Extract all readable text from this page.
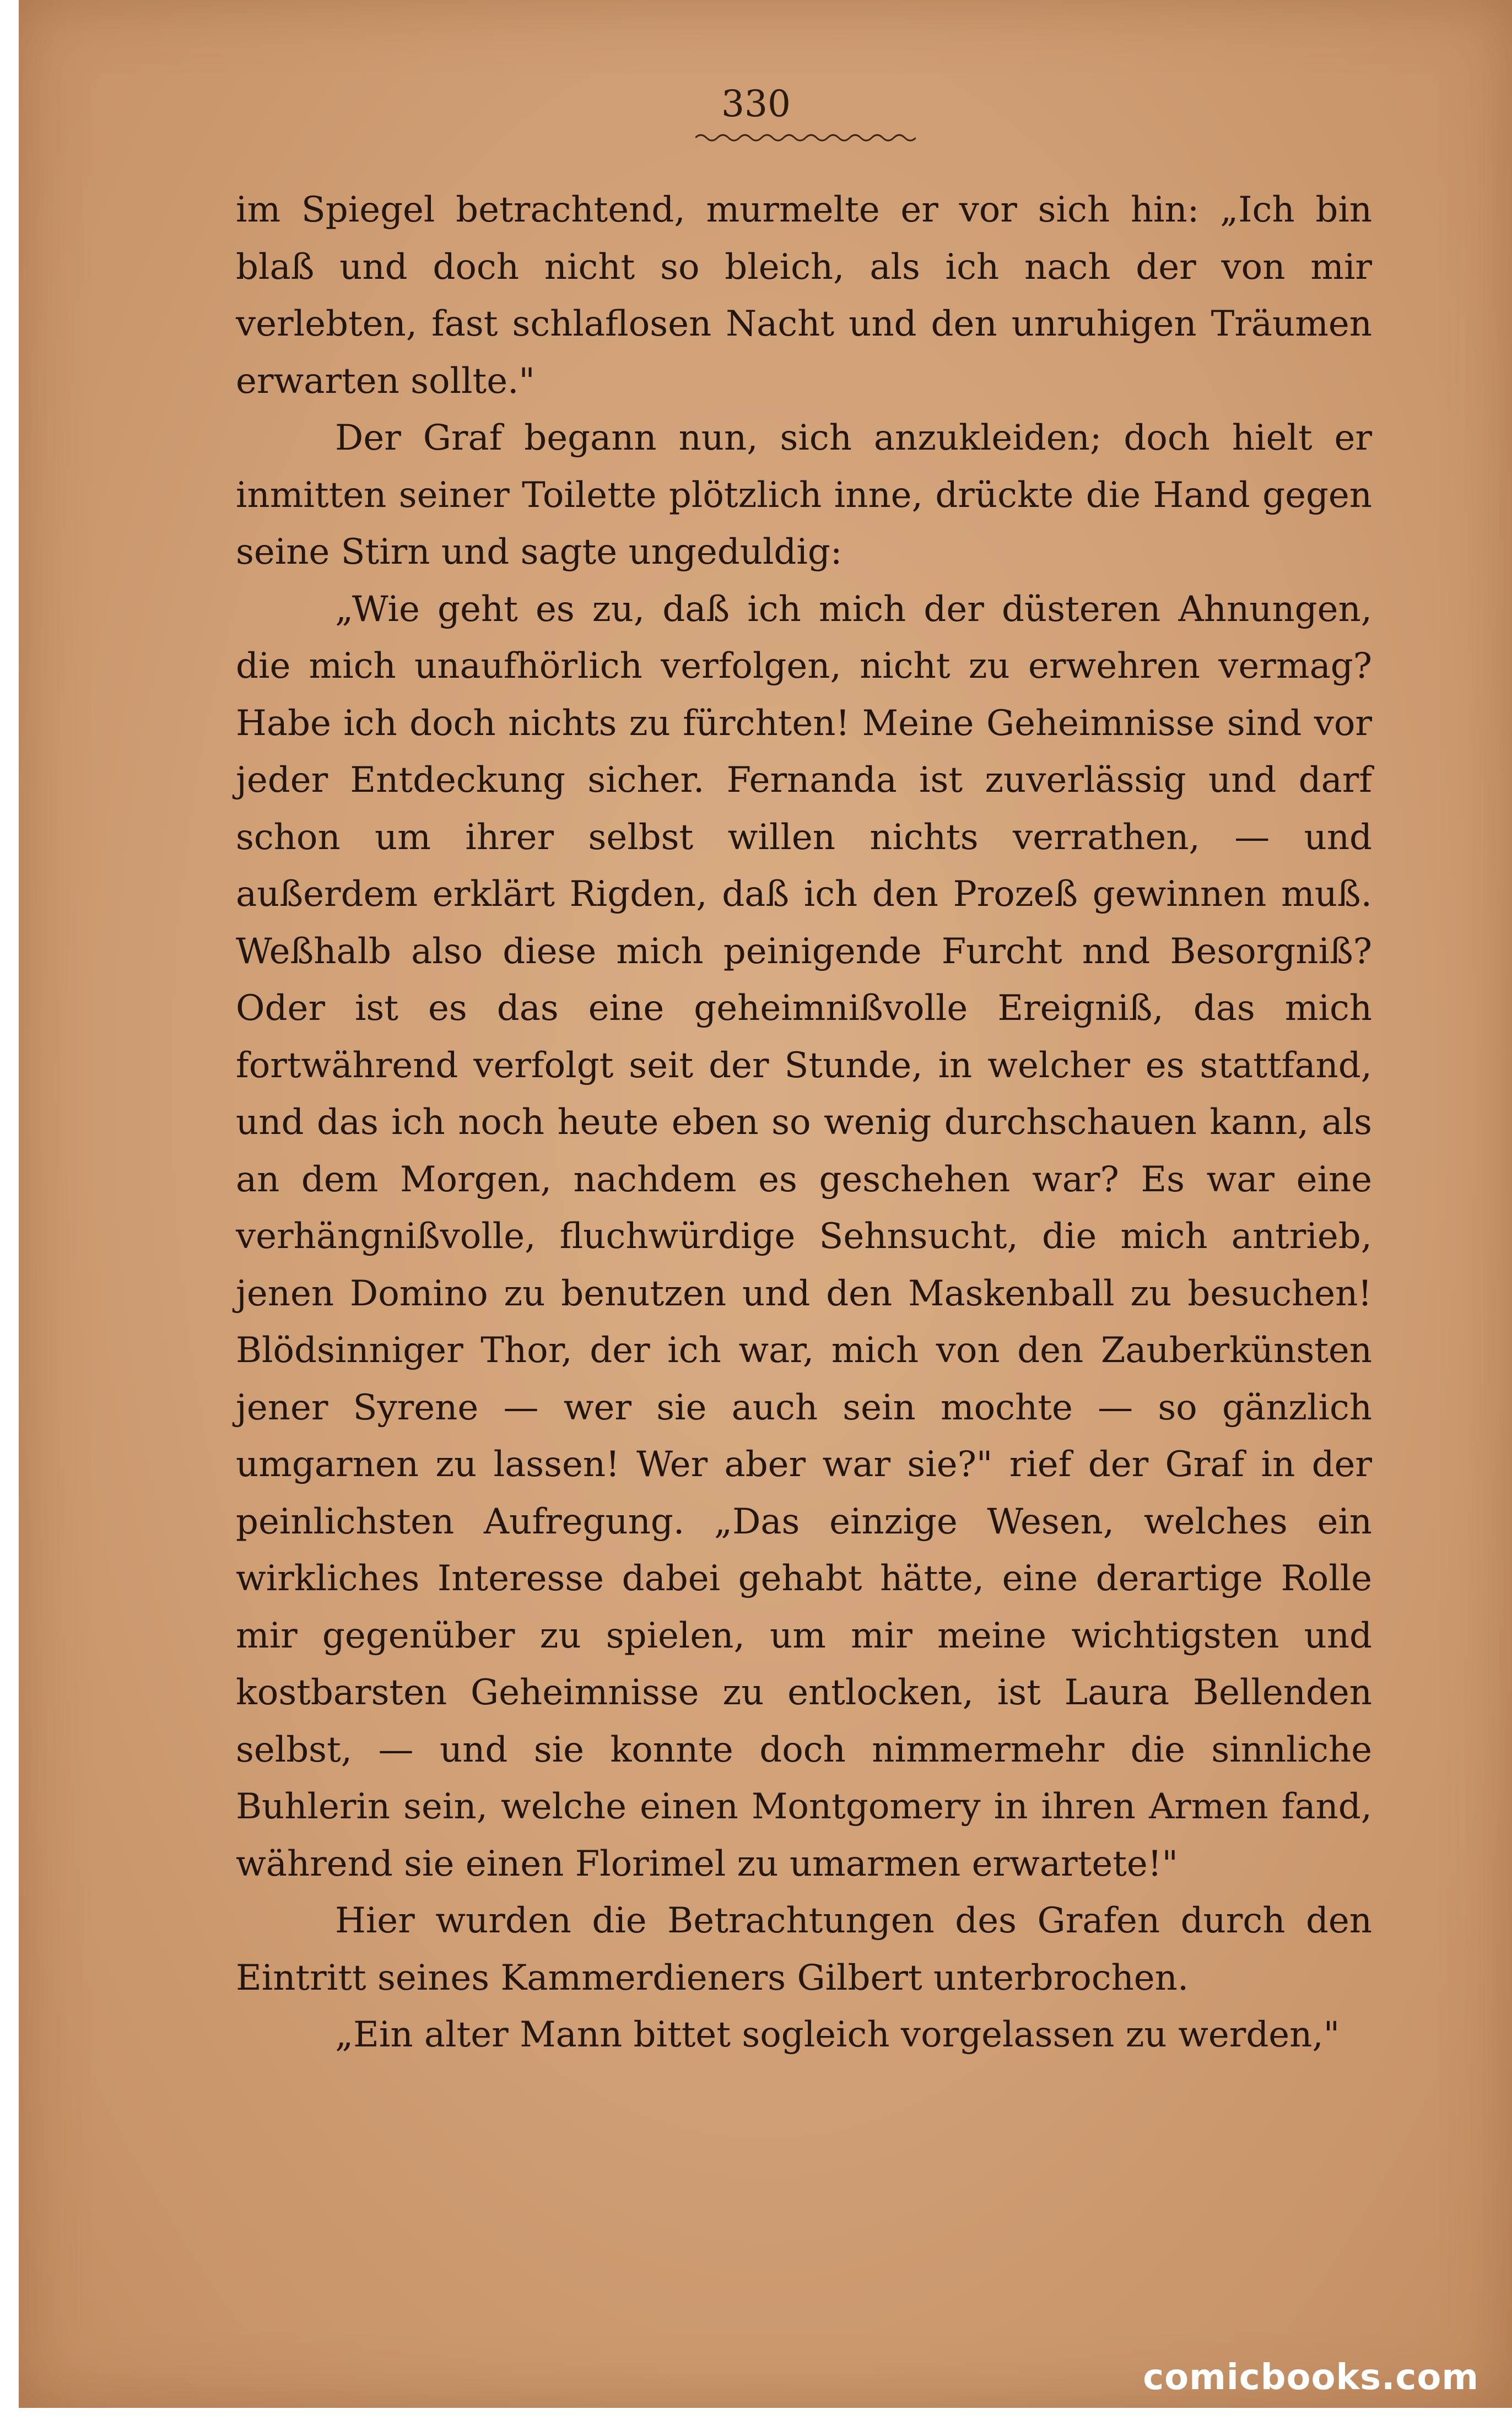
330

im Spiegel betrachtend, murmelte er vor sich hin: „Ich bin blaß und doch nicht so bleich, als ich nach der von mir verlebten, fast schlaflosen Nacht und den unruhigen Träumen erwarten sollte."

Der Graf begann nun, sich anzukleiden; doch hielt er inmitten seiner Toilette plötzlich inne, drückte die Hand gegen seine Stirn und sagte ungeduldig:

„Wie geht es zu, daß ich mich der düsteren Ahnungen, die mich unaufhörlich verfolgen, nicht zu erwehren vermag? Habe ich doch nichts zu fürchten! Meine Geheimnisse sind vor jeder Entdeckung sicher. Fernanda ist zuverlässig und darf schon um ihrer selbst willen nichts verrathen, — und außerdem erklärt Rigden, daß ich den Prozeß gewinnen muß. Weßhalb also diese mich peinigende Furcht nnd Besorgniß? Oder ist es das eine geheimnißvolle Ereigniß, das mich fortwährend verfolgt seit der Stunde, in welcher es stattfand, und das ich noch heute eben so wenig durchschauen kann, als an dem Morgen, nachdem es geschehen war? Es war eine verhängnißvolle, fluchwürdige Sehnsucht, die mich antrieb, jenen Domino zu benutzen und den Maskenball zu besuchen! Blödsinniger Thor, der ich war, mich von den Zauberkünsten jener Syrene — wer sie auch sein mochte — so gänzlich umgarnen zu lassen! Wer aber war sie?" rief der Graf in der peinlichsten Aufregung. „Das einzige Wesen, welches ein wirkliches Interesse dabei gehabt hätte, eine derartige Rolle mir gegenüber zu spielen, um mir meine wichtigsten und kostbarsten Geheimnisse zu entlocken, ist Laura Bellenden selbst, — und sie konnte doch nimmermehr die sinnliche Buhlerin sein, welche einen Montgomery in ihren Armen fand, während sie einen Florimel zu umarmen erwartete!"

Hier wurden die Betrachtungen des Grafen durch den Eintritt seines Kammerdieners Gilbert unterbrochen.

„Ein alter Mann bittet sogleich vorgelassen zu werden,"

comicbooks.com
